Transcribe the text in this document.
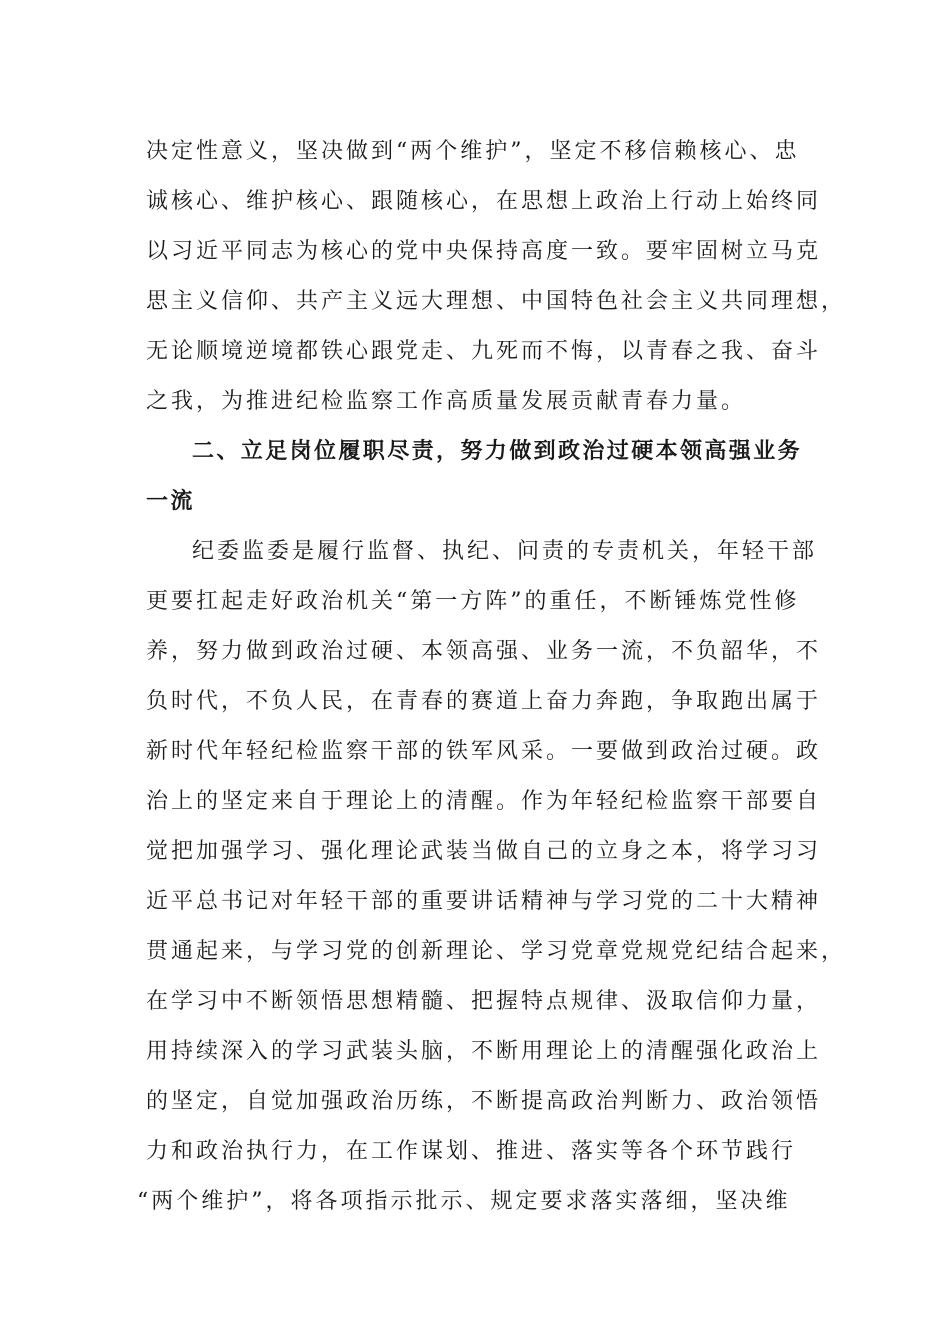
决定性意义，坚决做到“两个维护”，坚定不移信赖核心、忠
诚核心、维护核心、跟随核心，在思想上政治上行动上始终同
以习近平同志为核心的党中央保持高度一致。要牢固树立马克
思主义信仰、共产主义远大理想、中国特色社会主义共同理想，
无论顺境逆境都铁心跟党走、九死而不悔，以青春之我、奋斗
之我，为推进纪检监察工作高质量发展贡献青春力量。
二、立足岗位履职尽责，努力做到政治过硬本领高强业务
一流
纪委监委是履行监督、执纪、问责的专责机关，年轻干部
更要扛起走好政治机关“第一方阵”的重任，不断锤炼党性修
养，努力做到政治过硬、本领高强、业务一流，不负韶华，不
负时代，不负人民，在青春的赛道上奋力奔跑，争取跑出属于
新时代年轻纪检监察干部的铁军风采。一要做到政治过硬。政
治上的坚定来自于理论上的清醒。作为年轻纪检监察干部要自
觉把加强学习、强化理论武装当做自己的立身之本，将学习习
近平总书记对年轻干部的重要讲话精神与学习党的二十大精神
贯通起来，与学习党的创新理论、学习党章党规党纪结合起来，
在学习中不断领悟思想精髓、把握特点规律、汲取信仰力量，
用持续深入的学习武装头脑，不断用理论上的清醒强化政治上
的坚定，自觉加强政治历练，不断提高政治判断力、政治领悟
力和政治执行力，在工作谋划、推进、落实等各个环节践行
“两个维护”，将各项指示批示、规定要求落实落细，坚决维
